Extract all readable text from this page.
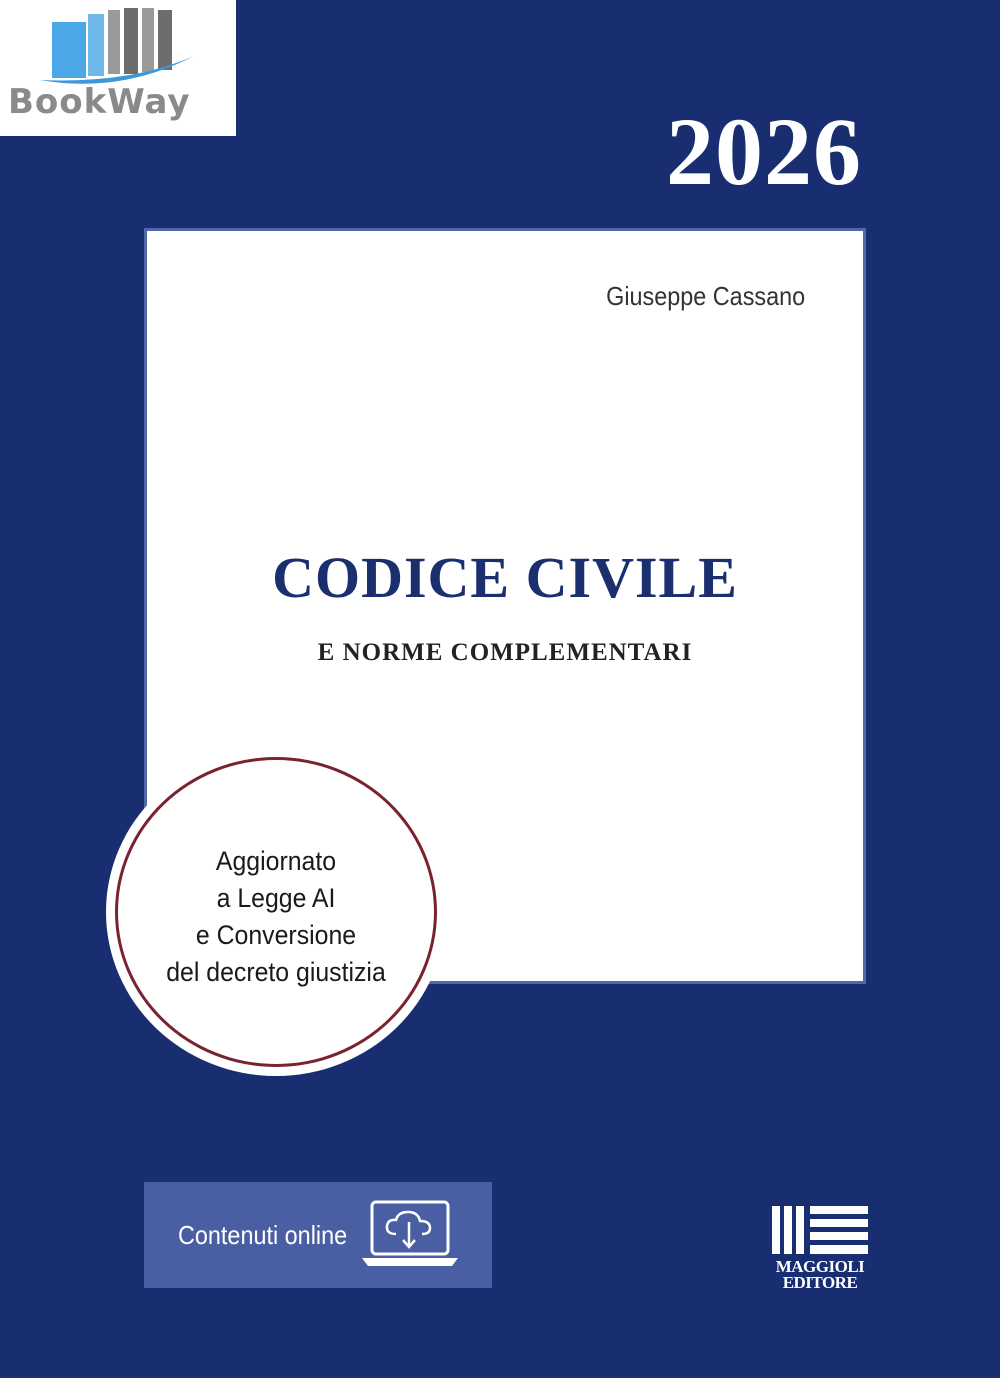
BookWay	2026
Giuseppe Cassano
CODICE CIVILE
E NORME COMPLEMENTARI
Aggiornato
a Legge AI
e Conversione
del decreto giustizia
Contenuti online
MAGGIOLI
EDITORE
